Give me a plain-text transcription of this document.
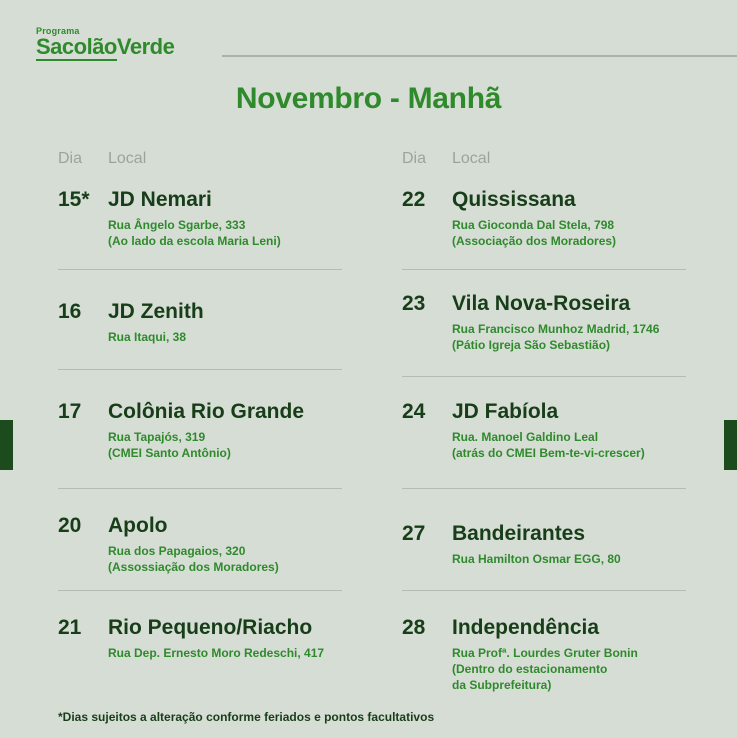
Programa
SacolãoVerde
Novembro - Manhã
Dia Local
15* JD Nemari
Rua Ângelo Sgarbe, 333
(Ao lado da escola Maria Leni)
16 JD Zenith
Rua Itaqui, 38
17 Colônia Rio Grande
Rua Tapajós, 319
(CMEI Santo Antônio)
20 Apolo
Rua dos Papagaios, 320
(Assossiação dos Moradores)
21 Rio Pequeno/Riacho
Rua Dep. Ernesto Moro Redeschi, 417
Dia Local
22 Quississana
Rua Gioconda Dal Stela, 798
(Associação dos Moradores)
23 Vila Nova-Roseira
Rua Francisco Munhoz Madrid, 1746
(Pátio Igreja São Sebastião)
24 JD Fabíola
Rua. Manoel Galdino Leal
(atrás do CMEI Bem-te-vi-crescer)
27 Bandeirantes
Rua Hamilton Osmar EGG, 80
28 Independência
Rua Profª. Lourdes Gruter Bonin
(Dentro do estacionamento
da Subprefeitura)
*Dias sujeitos a alteração conforme feriados e pontos facultativos
